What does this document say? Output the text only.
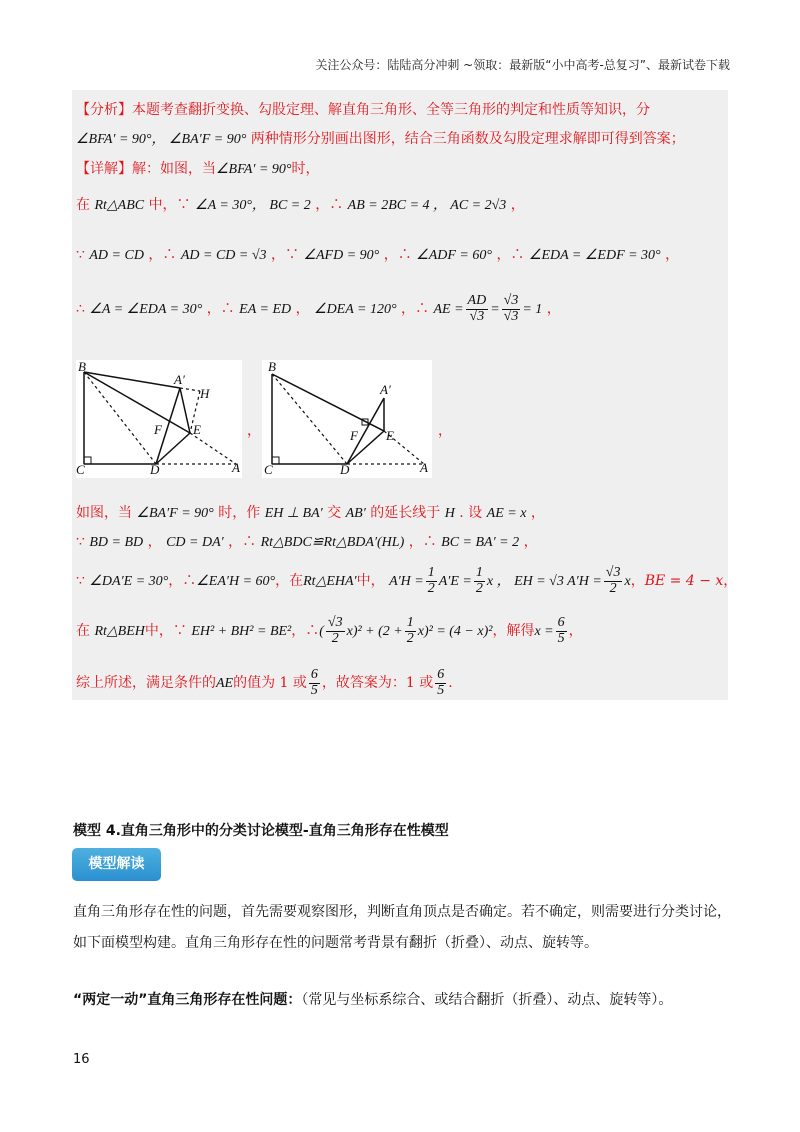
关注公众号：陆陆高分冲刺 ~领取：最新版“小中高考-总复习”、最新试卷下载
【分析】本题考查翻折变换、勾股定理、解直角三角形、全等三角形的判定和性质等知识，分
∠BFA′ = 90°， ∠BA′F = 90° 两种情形分别画出图形，结合三角函数及勾股定理求解即可得到答案；
【详解】解：如图，当∠BFA′ = 90°时，
在 Rt△ABC 中，∵ ∠A = 30°， BC = 2 ，∴ AB = 2BC = 4 ， AC = 2√3 ，
∵ AD = CD ，∴ AD = CD = √3 ，∵ ∠AFD = 90° ，∴ ∠ADF = 60° ，∴ ∠EDA = ∠EDF = 30° ，
∴ ∠A = ∠EDA = 30° ，∴ EA = ED ， ∠DEA = 120° ，∴ AE = $\frac{AD}{√3} = \frac{√3}{√3} = 1$ ，
B
A′
H
F E
C	D	A
，
B
A′
F E
C	D	A
，
如图，当 ∠BA′F = 90° 时，作 EH ⊥ BA′ 交 AB′ 的延长线于 H . 设 AE = x ，
∵ BD = BD ， CD = DA′ ，∴ Rt△BDC≌Rt△BDA′(HL) ，∴ BC = BA′ = 2 ，
∵ ∠DA′E = 30°，∴∠EA′H = 60°，在Rt△EHA′中， $A'H = \frac{1}{2} A'E = \frac{1}{2}$ x ， EH = √3 $A'H = \frac{√3}{2}$ x，BE = 4 − x，
在 Rt△BEH中，∵ EH² + BH² = BE²，∴( $\frac{√3}{2} x)^2 + (2 + \frac{1}{2} x)^2 = (4 - x)^2$，解得$x = \frac{6}{5}$ ，
综上所述，满足条件的AE的值为 1 或 $\frac{6}{5}$ ，故答案为：1 或 $\frac{6}{5}$ .
模型 4.直角三角形中的分类讨论模型-直角三角形存在性模型
模型解读
直角三角形存在性的问题，首先需要观察图形，判断直角顶点是否确定。若不确定，则需要进行分类讨论，如下面模型构建。直角三角形存在性的问题常考背景有翻折（折叠）、动点、旋转等。
“两定一动”直角三角形存在性问题：（常见与坐标系综合、或结合翻折（折叠）、动点、旋转等）。
16
